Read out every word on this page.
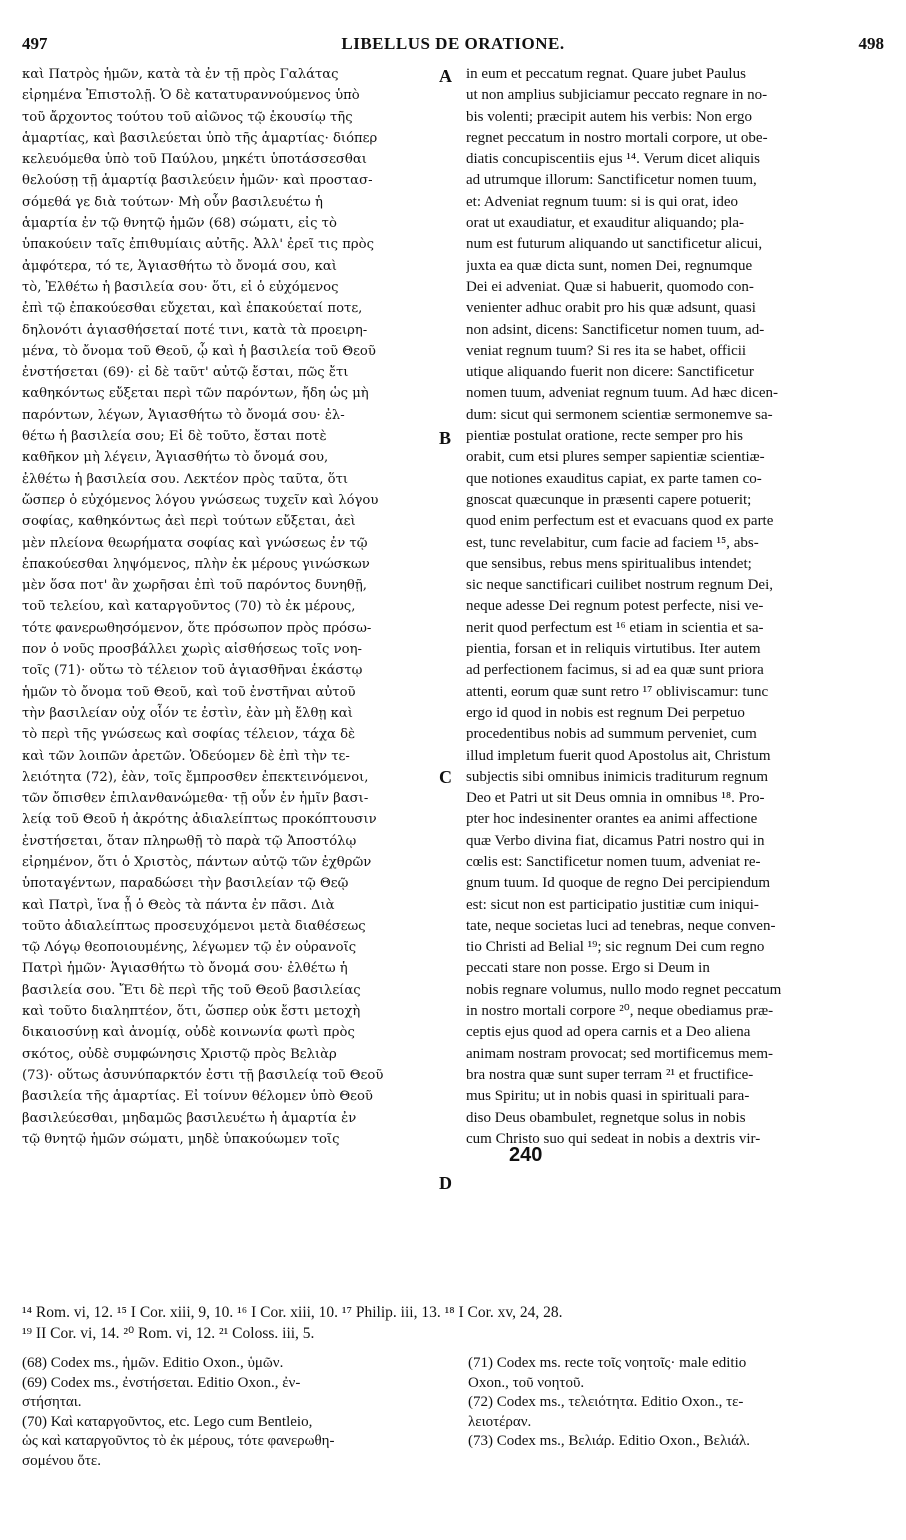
497	LIBELLUS DE ORATIONE.	498
καὶ Πατρὸς ἡμῶν, κατὰ τὰ ἐν τῇ πρὸς Γαλάτας
εἰρημένα Ἐπιστολῇ. Ὁ δὲ κατατυραννούμενος ὑπὸ
τοῦ ἄρχοντος τούτου τοῦ αἰῶνος τῷ ἑκουσίῳ τῆς
ἁμαρτίας, καὶ βασιλεύεται ὑπὸ τῆς ἁμαρτίας· διόπερ
κελευόμεθα ὑπὸ τοῦ Παύλου, μηκέτι ὑποτάσσεσθαι
θελούσῃ τῇ ἁμαρτίᾳ βασιλεύειν ἡμῶν· καὶ προστασ-
σόμεθά γε διὰ τούτων· Μὴ οὖν βασιλευέτω ἡ
ἁμαρτία ἐν τῷ θνητῷ ἡμῶν (68) σώματι, εἰς τὸ
ὑπακούειν ταῖς ἐπιθυμίαις αὐτῆς. Ἀλλ' ἐρεῖ τις πρὸς
ἀμφότερα, τό τε, Ἁγιασθήτω τὸ ὄνομά σου, καὶ
τὸ, Ἐλθέτω ἡ βασιλεία σου· ὅτι, εἰ ὁ εὐχόμενος
ἐπὶ τῷ ἐπακούεσθαι εὔχεται, καὶ ἐπακούεταί ποτε,
δηλονότι ἁγιασθήσεταί ποτέ τινι, κατὰ τὰ προειρη-
μένα, τὸ ὄνομα τοῦ Θεοῦ, ᾧ καὶ ἡ βασιλεία τοῦ Θεοῦ
ἐνστήσεται (69)· εἰ δὲ ταῦτ' αὐτῷ ἔσται, πῶς ἔτι
καθηκόντως εὔξεται περὶ τῶν παρόντων, ἤδη ὡς μὴ
παρόντων, λέγων, Ἁγιασθήτω τὸ ὄνομά σου· ἐλ-
θέτω ἡ βασιλεία σου; Εἰ δὲ τοῦτο, ἔσται ποτὲ
καθῆκον μὴ λέγειν, Ἁγιασθήτω τὸ ὄνομά σου,
ἐλθέτω ἡ βασιλεία σου. Λεκτέον πρὸς ταῦτα, ὅτι
ὥσπερ ὁ εὐχόμενος λόγου γνώσεως τυχεῖν καὶ λόγου
σοφίας, καθηκόντως ἀεὶ περὶ τούτων εὔξεται, ἀεὶ
μὲν πλείονα θεωρήματα σοφίας καὶ γνώσεως ἐν τῷ
ἐπακούεσθαι ληψόμενος, πλὴν ἐκ μέρους γινώσκων
μὲν ὅσα ποτ' ἂν χωρῆσαι ἐπὶ τοῦ παρόντος δυνηθῇ,
τοῦ τελείου, καὶ καταργοῦντος (70) τὸ ἐκ μέρους,
τότε φανερωθησόμενον, ὅτε πρόσωπον πρὸς πρόσω-
πον ὁ νοῦς προσβάλλει χωρὶς αἰσθήσεως τοῖς νοη-
τοῖς (71)· οὕτω τὸ τέλειον τοῦ ἁγιασθῆναι ἑκάστῳ
ἡμῶν τὸ ὄνομα τοῦ Θεοῦ, καὶ τοῦ ἐνστῆναι αὐτοῦ
τὴν βασιλείαν οὐχ οἷόν τε ἐστὶν, ἐὰν μὴ ἔλθῃ καὶ
τὸ περὶ τῆς γνώσεως καὶ σοφίας τέλειον, τάχα δὲ
καὶ τῶν λοιπῶν ἀρετῶν. Ὁδεύομεν δὲ ἐπὶ τὴν τε-
λειότητα (72), ἐὰν, τοῖς ἔμπροσθεν ἐπεκτεινόμενοι,
τῶν ὄπισθεν ἐπιλανθανώμεθα· τῇ οὖν ἐν ἡμῖν βασι-
λείᾳ τοῦ Θεοῦ ἡ ἀκρότης ἀδιαλείπτως προκόπτουσιν
ἐνστήσεται, ὅταν πληρωθῇ τὸ παρὰ τῷ Ἀποστόλῳ
εἰρημένον, ὅτι ὁ Χριστὸς, πάντων αὐτῷ τῶν ἐχθρῶν
ὑποταγέντων, παραδώσει τὴν βασιλείαν τῷ Θεῷ
καὶ Πατρὶ, ἵνα ᾖ ὁ Θεὸς τὰ πάντα ἐν πᾶσι. Διὰ
τοῦτο ἀδιαλείπτως προσευχόμενοι μετὰ διαθέσεως
τῷ Λόγῳ θεοποιουμένης, λέγωμεν τῷ ἐν οὐρανοῖς
Πατρὶ ἡμῶν· Ἁγιασθήτω τὸ ὄνομά σου· ἐλθέτω ἡ
βασιλεία σου. Ἔτι δὲ περὶ τῆς τοῦ Θεοῦ βασιλείας
καὶ τοῦτο διαληπτέον, ὅτι, ὥσπερ οὐκ ἔστι μετοχὴ
δικαιοσύνῃ καὶ ἀνομίᾳ, οὐδὲ κοινωνία φωτὶ πρὸς
σκότος, οὐδὲ συμφώνησις Χριστῷ πρὸς Βελιὰρ
(73)· οὕτως ἀσυνύπαρκτόν ἐστι τῇ βασιλείᾳ τοῦ Θεοῦ
βασιλεία τῆς ἁμαρτίας. Εἰ τοίνυν θέλομεν ὑπὸ Θεοῦ
βασιλεύεσθαι, μηδαμῶς βασιλευέτω ἡ ἁμαρτία ἐν
τῷ θνητῷ ἡμῶν σώματι, μηδὲ ὑπακούωμεν τοῖς
in eum et peccatum regnat. Quare jubet Paulus
ut non amplius subjiciamur peccato regnare in no-
bis volenti; præcipit autem his verbis: Non ergo
regnet peccatum in nostro mortali corpore, ut obe-
diatis concupiscentiis ejus ¹⁴. Verum dicet aliquis
ad utrumque illorum: Sanctificetur nomen tuum,
et: Adveniat regnum tuum: si is qui orat, ideo
orat ut exaudiatur, et exauditur aliquando; pla-
num est futurum aliquando ut sanctificetur alicui,
juxta ea quæ dicta sunt, nomen Dei, regnumque
Dei ei adveniat. Quæ si habuerit, quomodo con-
venienter adhuc orabit pro his quæ adsunt, quasi
non adsint, dicens: Sanctificetur nomen tuum, ad-
veniat regnum tuum? Si res ita se habet, officii
utique aliquando fuerit non dicere: Sanctificetur
nomen tuum, adveniat regnum tuum. Ad hæc dicen-
dum: sicut qui sermonem scientiæ sermonemve sa-
pientiæ postulat oratione, recte semper pro his
orabit, cum etsi plures semper sapientiæ scientiæ-
que notiones exauditus capiat, ex parte tamen co-
gnoscat quæcunque in præsenti capere potuerit;
quod enim perfectum est et evacuans quod ex parte
est, tunc revelabitur, cum facie ad faciem ¹⁵, abs-
que sensibus, rebus mens spiritualibus intendet;
sic neque sanctificari cuilibet nostrum regnum Dei,
neque adesse Dei regnum potest perfecte, nisi ve-
nerit quod perfectum est ¹⁶ etiam in scientia et sa-
pientia, forsan et in reliquis virtutibus. Iter autem
ad perfectionem facimus, si ad ea quæ sunt priora
attenti, eorum quæ sunt retro ¹⁷ obliviscamur: tunc
ergo id quod in nobis est regnum Dei perpetuo
procedentibus nobis ad summum perveniet, cum
illud impletum fuerit quod Apostolus ait, Christum
subjectis sibi omnibus inimicis traditurum regnum
Deo et Patri ut sit Deus omnia in omnibus ¹⁸. Pro-
pter hoc indesinenter orantes ea animi affectione
quæ Verbo divina fiat, dicamus Patri nostro qui in
cœlis est: Sanctificetur nomen tuum, adveniat re-
gnum tuum. Id quoque de regno Dei percipiendum
est: sicut non est participatio justitiæ cum iniqui-
tate, neque societas luci ad tenebras, neque conven-
tio Christi ad Belial ¹⁹; sic regnum Dei cum regno
peccati stare non posse. Ergo si Deum in
nobis regnare volumus, nullo modo regnet peccatum
in nostro mortali corpore ²⁰, neque obediamus præ-
ceptis ejus quod ad opera carnis et a Deo aliena
animam nostram provocat; sed mortificemus mem-
bra nostra quæ sunt super terram ²¹ et fructifice-
mus Spiritu; ut in nobis quasi in spirituali para-
diso Deus obambulet, regnetque solus in nobis
cum Christo suo qui sedeat in nobis a dextris vir-
A
B
C
D
240
¹⁴ Rom. vi, 12. ¹⁵ I Cor. xiii, 9, 10. ¹⁶ I Cor. xiii, 10. ¹⁷ Philip. iii, 13. ¹⁸ I Cor. xv, 24, 28.
¹⁹ II Cor. vi, 14. ²⁰ Rom. vi, 12. ²¹ Coloss. iii, 5.
(68) Codex ms., ἡμῶν. Editio Oxon., ὑμῶν.
(69) Codex ms., ἐνστήσεται. Editio Oxon., ἐν-
στήσηται.
(70) Καὶ καταργοῦντος, etc. Lego cum Bentleio,
ὡς καὶ καταργοῦντος τὸ ἐκ μέρους, τότε φανερωθη-
σομένου ὅτε.
(71) Codex ms. recte τοῖς νοητοῖς· male editio
Oxon., τοῦ νοητοῦ.
(72) Codex ms., τελειότητα. Editio Oxon., τε-
λειοτέραν.
(73) Codex ms., Βελιάρ. Editio Oxon., Βελιάλ.
